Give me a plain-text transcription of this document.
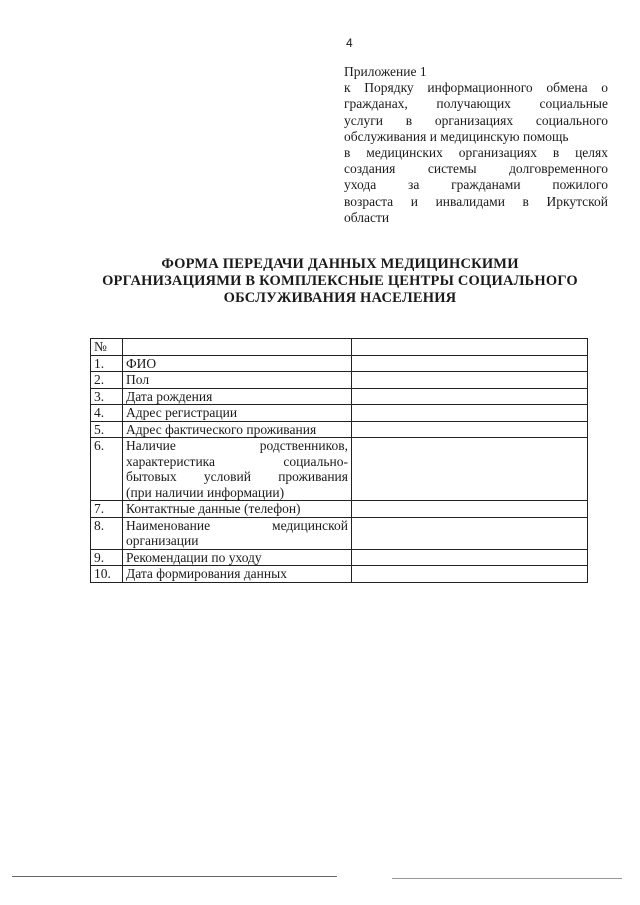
4
Приложение 1
к Порядку информационного обмена о
гражданах, получающих социальные
услуги в организациях социального
обслуживания и медицинскую помощь
в медицинских организациях в целях
создания системы долговременного
ухода за гражданами пожилого
возраста и инвалидами в Иркутской
области
ФОРМА ПЕРЕДАЧИ ДАННЫХ МЕДИЦИНСКИМИ
ОРГАНИЗАЦИЯМИ В КОМПЛЕКСНЫЕ ЦЕНТРЫ СОЦИАЛЬНОГО
ОБСЛУЖИВАНИЯ НАСЕЛЕНИЯ
№		
1.	ФИО	
2.	Пол	
3.	Дата рождения	
4.	Адрес регистрации	
5.	Адрес фактического проживания	
6.	Наличие родственников,
характеристика социально-
бытовых условий проживания
(при наличии информации)	

7.	Контактные данные (телефон)	
8.	Наименование медицинской
организации	

9.	Рекомендации по уходу	
10.	Дата формирования данных	
